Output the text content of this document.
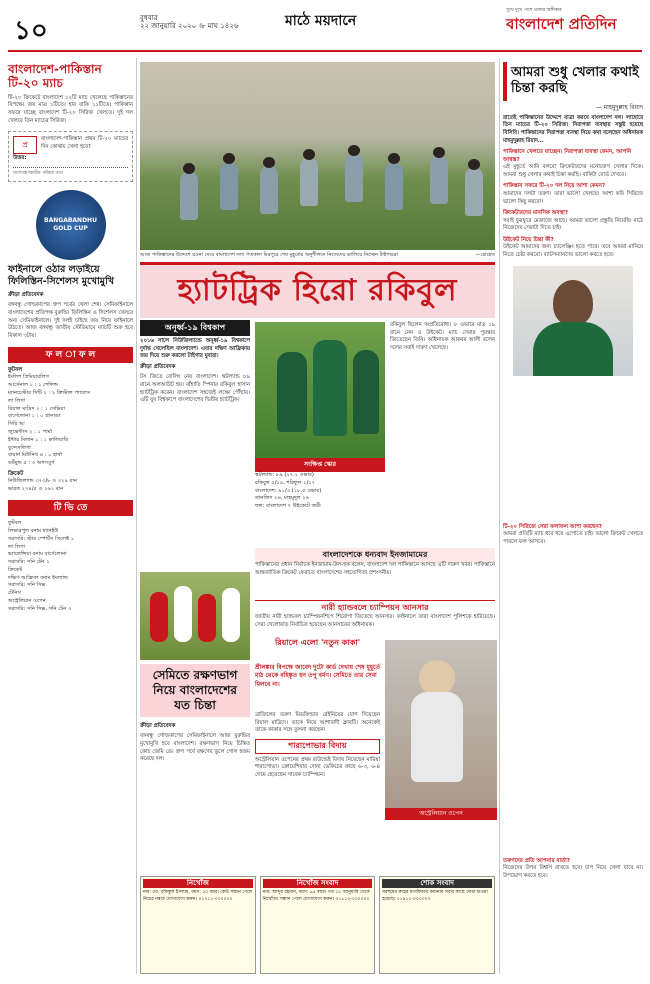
১০	বুধবার
২২ জানুয়ারি ২০২০ ।৮ মাঘ ১৪২৬	মাঠে ময়দানে
সুখে দুখে পাশে থাকার অঙ্গীকার
বাংলাদেশ প্রতিদিন
বাংলাদেশ-পাকিস্তান টি-২০ ম্যাচ
টি-২০ ক্রিকেটে বাংলাদেশ ১২টি ম্যাচ খেলেছে পাকিস্তানের বিপক্ষে। জয় মাত্র ১টিতে। হার বাকি ১১টিতে। পাকিস্তান সফরে যাচ্ছে বাংলাদেশ টি-২০ সিরিজ খেলতে। দুই দল খেলবে তিন ম্যাচের সিরিজ।
প্র
বাংলাদেশ-পাকিস্তান প্রথম টি-২০ ম্যাচের দিন কোথায় খেলা হবে?
উত্তর:
অংশগ্রহণকারীর পরিচয় তথ্য
BANGABANDHU GOLD CUP
ফাইনালে ওঠার লড়াইয়ে ফিলিস্তিন-সিশেলস মুখোমুখি
ক্রীড়া প্রতিবেদক
বঙ্গবন্ধু গোল্ডকাপের গ্রুপ পর্বের খেলা শেষ। সেমিফাইনালে বাংলাদেশের প্রতিপক্ষ বুরুন্ডি। ফিলিস্তিন ও সিশেলস খেলবে অন্য সেমিফাইনালে। দুই দলই চাইছে জয় নিয়ে ফাইনালে উঠতে। আজ বঙ্গবন্ধু জাতীয় স্টেডিয়ামে ম্যাচটি শুরু হবে বিকাল ৩টায়।
ফ ল া ফ ল
ফুটবল
ইংলিশ প্রিমিয়ারলিগ
আর্সেনাল ১ : ১ শেফিল্ড
ম্যানচেস্টার সিটি ২ : ২ ক্রিস্টাল প্যালেস
লা লিগা
রিয়াল মাদ্রিদ ২ : ১ সেভিয়া
বার্সেলোনা ১ : ০ গ্রানাডা
সিরি আ
জুভেন্টাস ২ : ১ পার্মা
ইন্টার মিলান ১ : ১ কালিয়ারি
বুন্দেসলিগা
বায়ার্ন মিউনিখ ৪ : ০ হার্থা
ডর্টমুন্ড ৫ : ৩ অগসবুর্গ
ক্রিকেট
নিউজিল্যান্ড ৩৭৩/৮ ও ৩২৯ রান
ভারত ২৭৪/৫ ও ২৬১ রান
টি ভি তে
ফুটবল
লিভারপুল বনাম ম্যানইউ
সরাসরি: স্টার স্পোর্টস সিলেক্ট ১
লা লিগা
ভ্যালেন্সিয়া বনাম বার্সেলোনা
সরাসরি: সনি টেন ২
ক্রিকেট
দক্ষিণ আফ্রিকা বনাম ইংল্যান্ড
সরাসরি: সনি সিক্স
টেনিস
অস্ট্রেলিয়ান ওপেন
সরাসরি: সনি সিক্স, সনি টেন ৩
আজ পাকিস্তানের উদ্দেশে রওনা দেবে বাংলাদেশ দল। গতকাল মিরপুরে শেষ মুহূর্তের অনুশীলনে নিজেদের ঝালিয়ে নিচ্ছেন টাইগাররা	—রোহেত
আমরা শুধু খেলার কথাই চিন্তা করছি
— মাহমুদুল্লাহ রিয়াদ
রাতেই পাকিস্তানের উদ্দেশে যাত্রা করবে বাংলাদেশ দল। লাহোরে তিন ম্যাচের টি-২০ সিরিজ। নিরাপত্তা ব্যবস্থায় সন্তুষ্ট হয়েছে বিসিবি। পাকিস্তানের নিরাপত্তা ব্যবস্থা নিয়ে কথা বলেছেন অধিনায়ক মাহমুদুল্লাহ রিয়াদ...
পাকিস্তানে খেলতে যাচ্ছেন। নিরাপত্তা ব্যবস্থা কেমন, আপনি আশ্বস্ত?
এই মুহূর্তে আমি বলবো ক্রিকেটারদের মনোযোগ খেলার দিকে। আমরা শুধু খেলার কথাই চিন্তা করছি। বাকিটা বোর্ড দেখবে।
পাকিস্তান সফরে টি-২০ দল নিয়ে আশা কেমন?
আমাদের দলটা তরুণ। তারা ভালো খেলছে। আশা করি সিরিজে ভালো কিছু করবো।
ক্রিকেটারদের মানসিক অবস্থা?
সবাই ফুরফুরে মেজাজে আছে। আমরা ভালো প্রস্তুতি নিয়েছি। মাঠে নিজেদের সেরাটা দিতে চাই।
উইকেট নিয়ে চিন্তা কী?
উইকেট আমাদের জন্য চ্যালেঞ্জিং হতে পারে। তবে আমরা মানিয়ে নিতে চেষ্টা করবো। ব্যাটসম্যানদের ভালো করতে হবে।
টি-২০ সিরিজে সেরা ফলাফল আশা করছেন?
আমরা প্রতিটি ম্যাচ ধরে ধরে এগোতে চাই। ভালো ক্রিকেট খেলতে পারলে ফল আসবে।
তরুণদের প্রতি আপনার বার্তা?
নিজেদের উপর বিশ্বাস রাখতে হবে। চাপ নিয়ে খেলা যাবে না। উপভোগ করতে হবে।
হ্যাটট্রিক হিরো রকিবুল
অনূর্ধ্ব-১৯ বিশ্বকাপ
২০১৬ সালে নিউজিল্যান্ডে অনূর্ধ্ব-১৯ বিশ্বকাপে দুর্দান্ত খেলেছিল বাংলাদেশ। এবার দক্ষিণ আফ্রিকায় জয় দিয়ে শুরু করলো টাইগার যুবারা।
ক্রীড়া প্রতিবেদক
টস জিতে বোলিং নেয় বাংলাদেশ। স্কটল্যান্ড ৮৯ রানে অলআউট হয়। বাঁহাতি স্পিনার রকিবুল হাসান হ্যাটট্রিক করেন। বাংলাদেশ সহজেই লক্ষ্যে পৌঁছায়। এটি যুব বিশ্বকাপে বাংলাদেশের দ্বিতীয় হ্যাটট্রিক।
সংক্ষিপ্ত স্কোর
স্কটল্যান্ড: ৮৯ (২৭.২ ওভার)
রকিবুল ৫/১৯, শরিফুল ২/১৭
বাংলাদেশ: ৯১/৩ (১৮.৫ ওভার)
তানজিদ ২৬, মাহমুদুল ২৬
ফল: বাংলাদেশ ৭ উইকেটে জয়ী
রকিবুল ছিলেন অপ্রতিরোধ্য। ৮ ওভারে মাত্র ১৯ রানে নেন ৫ উইকেট। ম্যাচ সেরার পুরস্কার জিতেছেন তিনি। অধিনায়ক আকবর আলী বলেন দলের সবাই দারুণ খেলেছে।
বাংলাদেশকে ধন্যবাদ ইনজামামের
পাকিস্তানের প্রধান নির্বাচক ইনজামাম-উল-হক বলেন, বাংলাদেশ দল পাকিস্তানে আসছে এটি দারুণ খবর। পাকিস্তানে আন্তর্জাতিক ক্রিকেট ফেরাতে বাংলাদেশের সহযোগিতা প্রশংসনীয়।
নারী হ্যান্ডবলে চ্যাম্পিয়ন আনসার
জাতীয় নারী হ্যান্ডবল চ্যাম্পিয়নশিপে শিরোপা জিতেছে আনসার। ফাইনালে তারা বাংলাদেশ পুলিশকে হারিয়েছে। সেরা খেলোয়াড় নির্বাচিত হয়েছেন আনসারের অধিনায়ক।
রিয়ালে এলো 'নতুন কাকা'
সেমিতে রক্ষণভাগ নিয়ে বাংলাদেশের যত চিন্তা
ক্রীড়া প্রতিবেদক
বঙ্গবন্ধু গোল্ডকাপের সেমিফাইনালে আজ বুরুন্ডির মুখোমুখি হবে বাংলাদেশ। রক্ষণভাগ নিয়ে চিন্তিত কোচ জেমি ডে। গ্রুপ পর্বে রক্ষণের ভুলে গোল হজম করেছে দল।
শ্রীলঙ্কার বিপক্ষে জাবেদ দুটো কার্ড দেখায় শেষ মুহূর্তে মাঠ থেকে বহিষ্কৃত হন তপু বর্মণ। সেমিতে তার সেবা মিলবে না।
ব্রাজিলের তরুণ মিডফিল্ডার রেইনিয়ের যোগ দিয়েছেন রিয়াল মাদ্রিদে। তাকে নিয়ে আশাবাদী ক্লাবটি। অনেকেই তাকে কাকার সঙ্গে তুলনা করছেন।
শারাপোভার বিদায়
অস্ট্রেলিয়ান ওপেনের প্রথম রাউন্ডেই বিদায় নিয়েছেন মারিয়া শারাপোভা। ক্রোয়েশিয়ার দোনা ভেকিচের কাছে ৬-৩, ৬-৪ গেমে হেরেছেন সাবেক চ্যাম্পিয়ন।
অস্ট্রেলিয়ান ওপেন
নিখোঁজ
নাম: মো. রফিকুল ইসলাম, বয়স: ৫০ বছর। কেউ সন্ধান পেলে নিচের নম্বরে যোগাযোগ করুন। ০১৭১২-০০০০০০
নিখোঁজ সংবাদ
নাম: আব্দুর রহমান, বয়স: ৬৫ বছর। গত ১৮ জানুয়ারি থেকে নিখোঁজ। সন্ধান পেলে যোগাযোগ করুন। ০১৮১২-০০০০০০
শোক সংবাদ
মরহুমের রুহের মাগফিরাত কামনায় সবার কাছে দোয়া চাওয়া হয়েছে। ০১৯১১-০০০০০০
